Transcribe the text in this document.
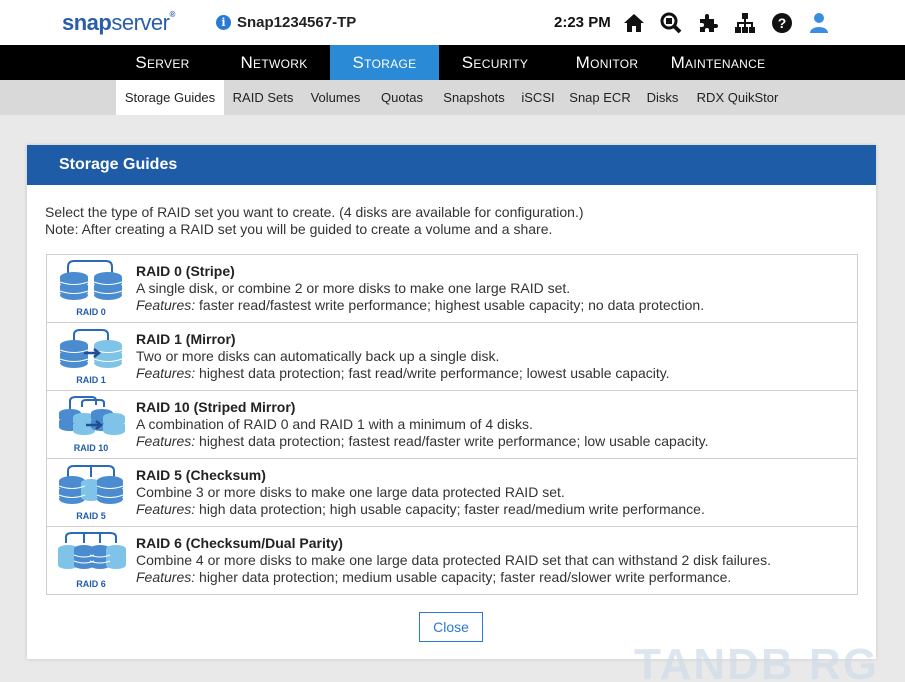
snapserver®
i Snap1234567-TP	2:23 PM	?
Server	Network	Storage	Security	Monitor	Maintenance
Storage Guides	RAID Sets	Volumes	Quotas	Snapshots	iSCSI	Snap ECR	Disks	RDX QuikStor
Storage Guides
Select the type of RAID set you want to create. (4 disks are available for configuration.)
Note: After creating a RAID set you will be guided to create a volume and a share.
RAID 0
RAID 0 (Stripe)
A single disk, or combine 2 or more disks to make one large RAID set.
Features: faster read/fastest write performance; highest usable capacity; no data protection.
RAID 1
RAID 1 (Mirror)
Two or more disks can automatically back up a single disk.
Features: highest data protection; fast read/write performance; lowest usable capacity.
RAID 10
RAID 10 (Striped Mirror)
A combination of RAID 0 and RAID 1 with a minimum of 4 disks.
Features: highest data protection; fastest read/faster write performance; low usable capacity.
RAID 5
RAID 5 (Checksum)
Combine 3 or more disks to make one large data protected RAID set.
Features: high data protection; high usable capacity; faster read/medium write performance.
RAID 6
RAID 6 (Checksum/Dual Parity)
Combine 4 or more disks to make one large data protected RAID set that can withstand 2 disk failures.
Features: higher data protection; medium usable capacity; faster read/slower write performance.
Close
TANDB RG
